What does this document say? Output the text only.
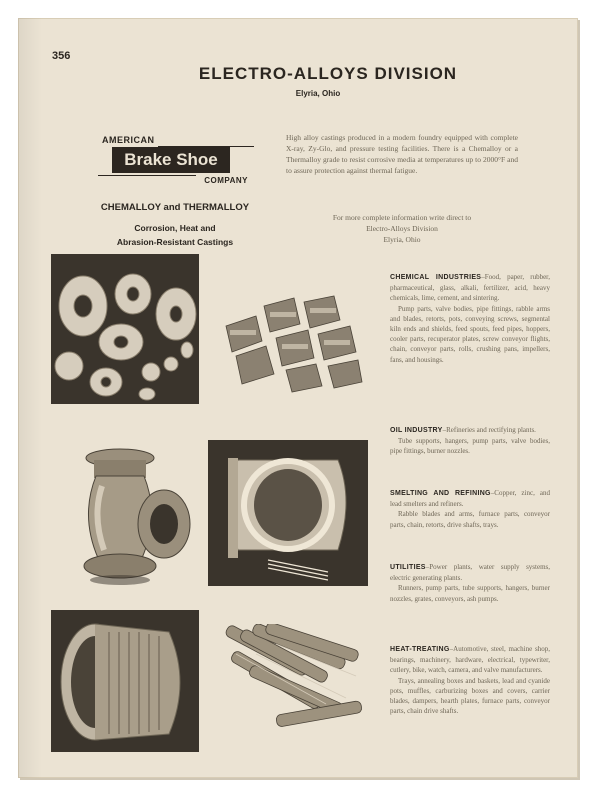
356
ELECTRO-ALLOYS DIVISION
Elyria, Ohio
AMERICAN
Brake Shoe
COMPANY
CHEMALLOY and THERMALLOY
Corrosion, Heat and
Abrasion-Resistant Castings
High alloy castings produced in a modern foundry equipped with complete X-ray, Zy-Glo, and pressure testing facilities. There is a Chemalloy or a Thermalloy grade to resist corrosive media at temperatures up to 2000°F and to assure protection against thermal fatigue.
For more complete information write direct to
Electro-Alloys Division
Elyria, Ohio

CHEMICAL INDUSTRIES–Food, paper, rubber, pharmaceutical, glass, alkali, fertilizer, acid, heavy chemicals, lime, cement, and sintering.

Pump parts, valve bodies, pipe fittings, rabble arms and blades, retorts, pots, conveying screws, segmental kiln ends and shields, feed spouts, feed pipes, hoppers, cooler parts, recuperator plates, screw conveyor flights, chain, conveyor parts, rolls, crushing pans, impellers, fans, and housings.

OIL INDUSTRY–Refineries and rectifying plants.

Tube supports, hangers, pump parts, valve bodies, pipe fittings, burner nozzles.

SMELTING AND REFINING–Copper, zinc, and lead smelters and refiners.

Rabble blades and arms, furnace parts, conveyor parts, chain, retorts, drive shafts, trays.

UTILITIES–Power plants, water supply systems, electric generating plants.

Runners, pump parts, tube supports, hangers, burner nozzles, grates, conveyors, ash pumps.

HEAT-TREATING–Automotive, steel, machine shop, bearings, machinery, hardware, electrical, typewriter, cutlery, bike, watch, camera, and valve manufacturers.

Trays, annealing boxes and baskets, lead and cyanide pots, muffles, carburizing boxes and covers, carrier blades, dampers, hearth plates, furnace parts, conveyor parts, chain drive shafts.
